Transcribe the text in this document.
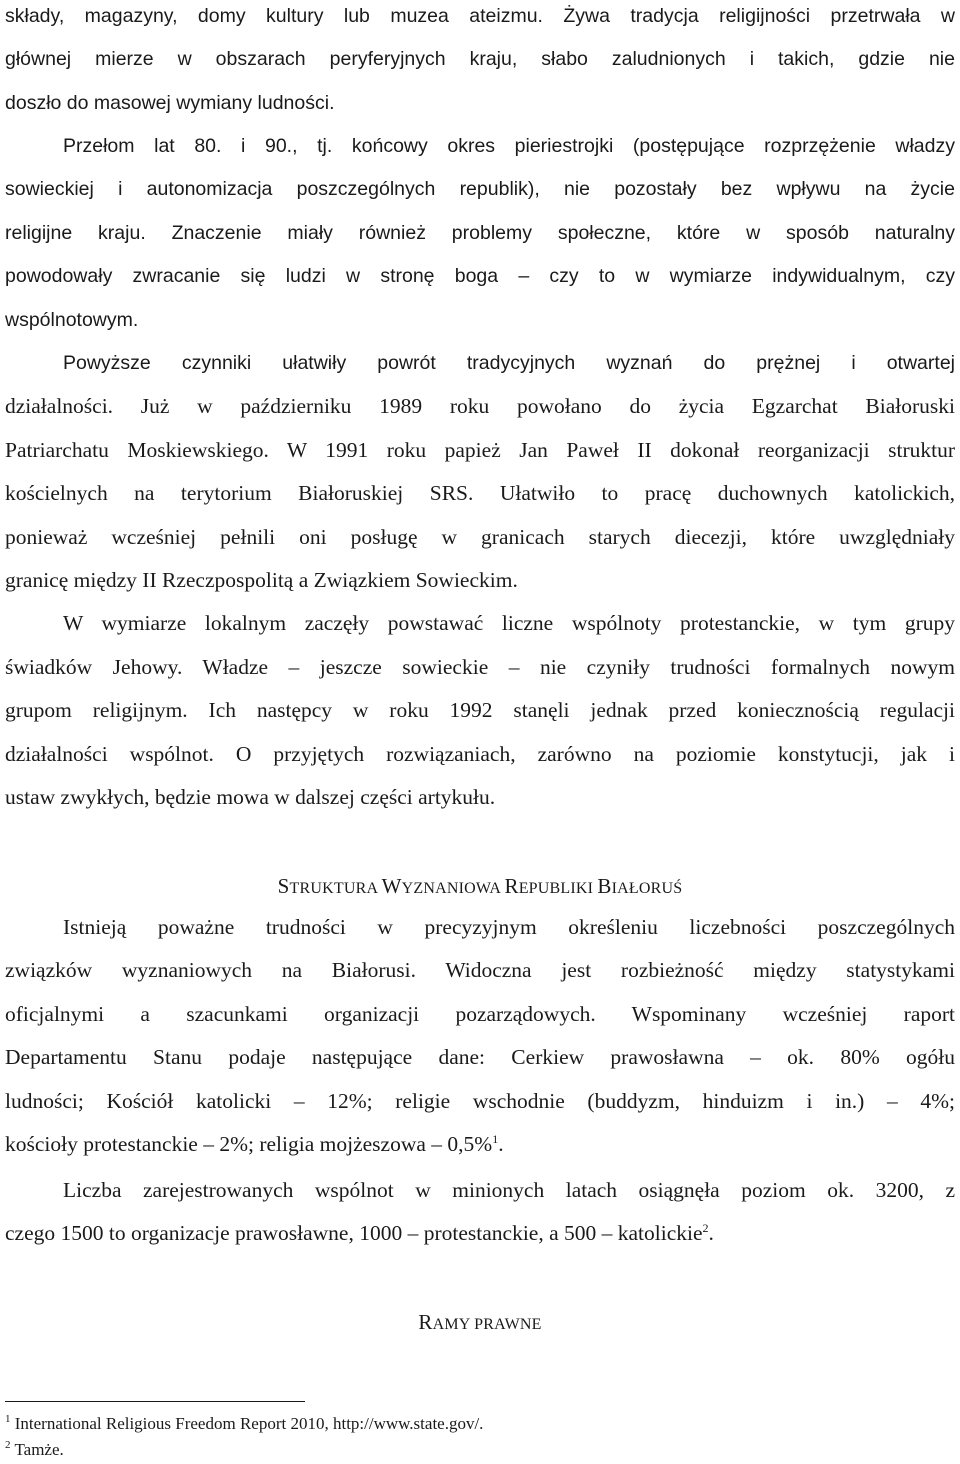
składy, magazyny, domy kultury lub muzea ateizmu. Żywa tradycja religijności przetrwała w
głównej mierze w obszarach peryferyjnych kraju, słabo zaludnionych i takich, gdzie nie
doszło do masowej wymiany ludności.
Przełom lat 80. i 90., tj. końcowy okres pieriestrojki (postępujące rozprzężenie władzy
sowieckiej i autonomizacja poszczególnych republik), nie pozostały bez wpływu na życie
religijne kraju. Znaczenie miały również problemy społeczne, które w sposób naturalny
powodowały zwracanie się ludzi w stronę boga – czy to w wymiarze indywidualnym, czy
wspólnotowym.
Powyższe czynniki ułatwiły powrót tradycyjnych wyznań do prężnej i otwartej
działalności. Już w październiku 1989 roku powołano do życia Egzarchat Białoruski
Patriarchatu Moskiewskiego. W 1991 roku papież Jan Paweł II dokonał reorganizacji struktur
kościelnych na terytorium Białoruskiej SRS. Ułatwiło to pracę duchownych katolickich,
ponieważ wcześniej pełnili oni posługę w granicach starych diecezji, które uwzględniały
granicę między II Rzeczpospolitą a Związkiem Sowieckim.
W wymiarze lokalnym zaczęły powstawać liczne wspólnoty protestanckie, w tym grupy
świadków Jehowy. Władze – jeszcze sowieckie – nie czyniły trudności formalnych nowym
grupom religijnym. Ich następcy w roku 1992 stanęli jednak przed koniecznością regulacji
działalności wspólnot. O przyjętych rozwiązaniach, zarówno na poziomie konstytucji, jak i
ustaw zwykłych, będzie mowa w dalszej części artykułu.
STRUKTURA WYZNANIOWA REPUBLIKI BIAŁORUŚ
Istnieją poważne trudności w precyzyjnym określeniu liczebności poszczególnych
związków wyznaniowych na Białorusi. Widoczna jest rozbieżność między statystykami
oficjalnymi a szacunkami organizacji pozarządowych. Wspominany wcześniej raport
Departamentu Stanu podaje następujące dane: Cerkiew prawosławna – ok. 80% ogółu
ludności; Kościół katolicki – 12%; religie wschodnie (buddyzm, hinduizm i in.) – 4%;
kościoły protestanckie – 2%; religia mojżeszowa – 0,5%$^1$.
Liczba zarejestrowanych wspólnot w minionych latach osiągnęła poziom ok. 3200, z
czego 1500 to organizacje prawosławne, 1000 – protestanckie, a 500 – katolickie$^2$.
RAMY PRAWNE
$^1$ International Religious Freedom Report 2010, http://www.state.gov/.
$^2$ Tamże.
